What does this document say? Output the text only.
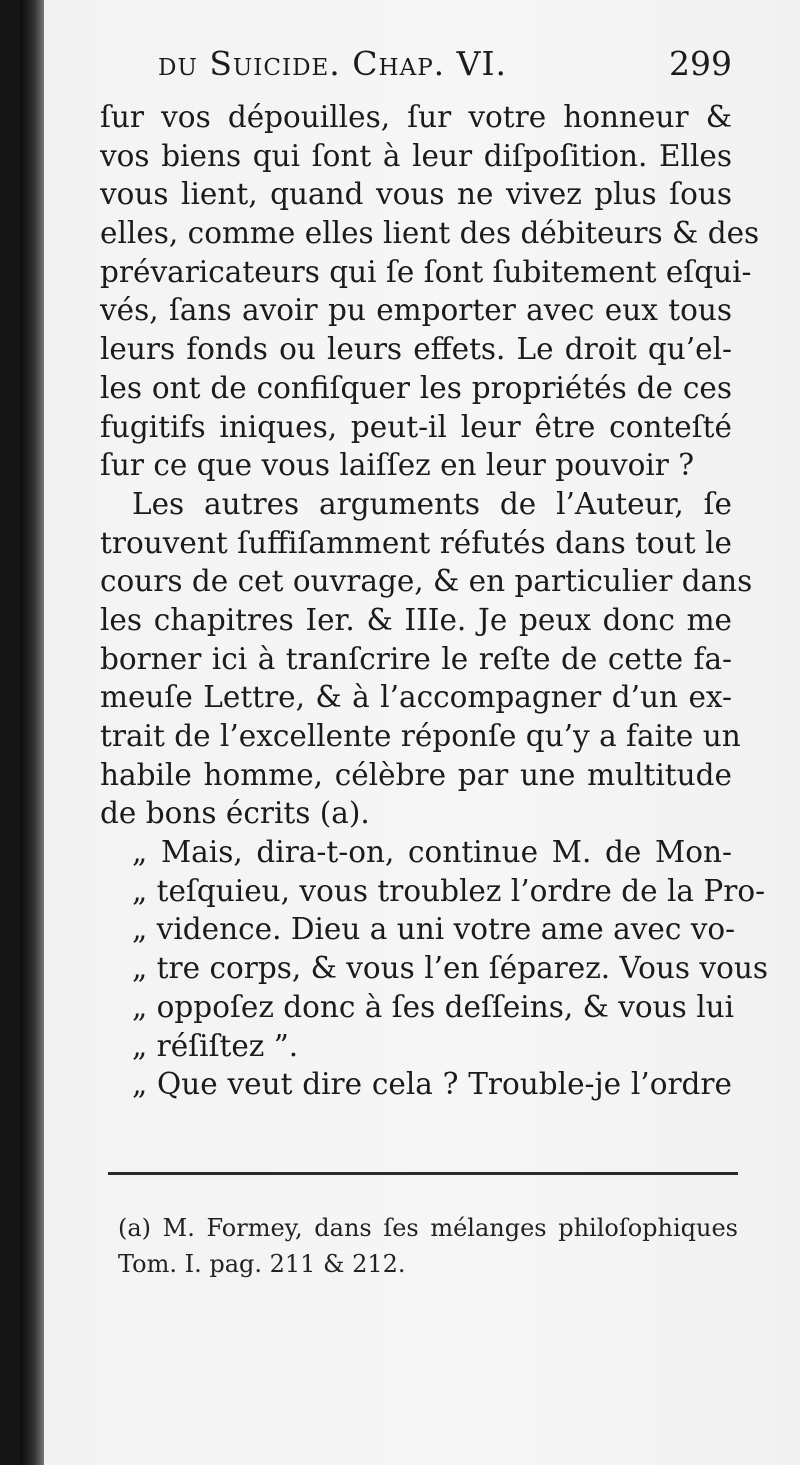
du Suicide. Chap. VI.	299
ſur vos dépouilles, ſur votre honneur &
vos biens qui ſont à leur diſpoſition. Elles
vous lient, quand vous ne vivez plus ſous
elles, comme elles lient des débiteurs & des
prévaricateurs qui ſe ſont ſubitement eſqui-
vés, ſans avoir pu emporter avec eux tous
leurs fonds ou leurs effets. Le droit qu’el-
les ont de confiſquer les propriétés de ces
fugitifs iniques, peut-il leur être conteſté
ſur ce que vous laiſſez en leur pouvoir ?
Les autres arguments de l’Auteur, ſe
trouvent ſuffiſamment réfutés dans tout le
cours de cet ouvrage, & en particulier dans
les chapitres Ier. & IIIe. Je peux donc me
borner ici à tranſcrire le reſte de cette fa-
meuſe Lettre, & à l’accompagner d’un ex-
trait de l’excellente réponſe qu’y a faite un
habile homme, célèbre par une multitude
de bons écrits (a).
„ Mais, dira-t-on, continue M. de Mon-
„ teſquieu, vous troublez l’ordre de la Pro-
„ vidence. Dieu a uni votre ame avec vo-
„ tre corps, & vous l’en ſéparez. Vous vous
„ oppoſez donc à ſes deſſeins, & vous lui
„ réſiſtez ”.
„ Que veut dire cela ? Trouble-je l’ordre
(a) M. Formey, dans ſes mélanges philoſophiques
Tom. I. pag. 211 & 212.
